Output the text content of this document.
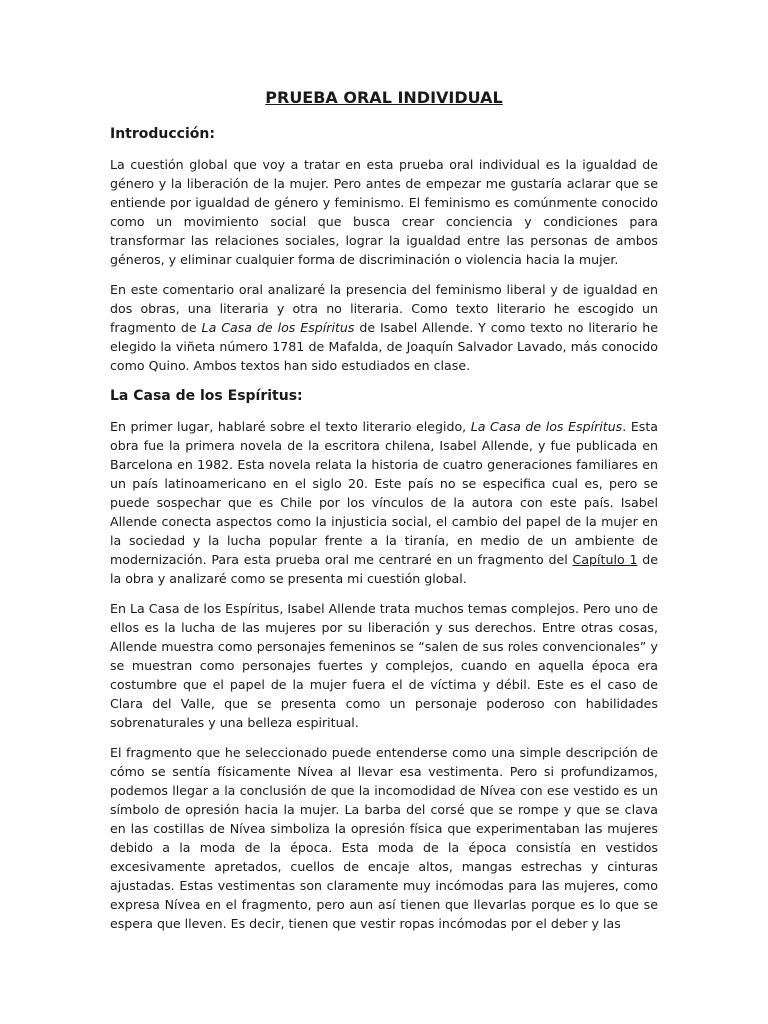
PRUEBA ORAL INDIVIDUAL
Introducción:

La cuestión global que voy a tratar en esta prueba oral individual es la igualdad de género y la liberación de la mujer. Pero antes de empezar me gustaría aclarar que se entiende por igualdad de género y feminismo. El feminismo es comúnmente conocido como un movimiento social que busca crear conciencia y condiciones para transformar las relaciones sociales, lograr la igualdad entre las personas de ambos géneros, y eliminar cualquier forma de discriminación o violencia hacia la mujer.

En este comentario oral analizaré la presencia del feminismo liberal y de igualdad en dos obras, una literaria y otra no literaria. Como texto literario he escogido un fragmento de La Casa de los Espíritus de Isabel Allende. Y como texto no literario he elegido la viñeta número 1781 de Mafalda, de Joaquín Salvador Lavado, más conocido como Quino. Ambos textos han sido estudiados en clase.

La Casa de los Espíritus:

En primer lugar, hablaré sobre el texto literario elegido, La Casa de los Espíritus. Esta obra fue la primera novela de la escritora chilena, Isabel Allende, y fue publicada en Barcelona en 1982. Esta novela relata la historia de cuatro generaciones familiares en un país latinoamericano en el siglo 20. Este país no se especifica cual es, pero se puede sospechar que es Chile por los vínculos de la autora con este país. Isabel Allende conecta aspectos como la injusticia social, el cambio del papel de la mujer en la sociedad y la lucha popular frente a la tiranía, en medio de un ambiente de modernización. Para esta prueba oral me centraré en un fragmento del Capítulo 1 de la obra y analizaré como se presenta mi cuestión global.

En La Casa de los Espíritus, Isabel Allende trata muchos temas complejos. Pero uno de ellos es la lucha de las mujeres por su liberación y sus derechos. Entre otras cosas, Allende muestra como personajes femeninos se “salen de sus roles convencionales” y se muestran como personajes fuertes y complejos, cuando en aquella época era costumbre que el papel de la mujer fuera el de víctima y débil. Este es el caso de Clara del Valle, que se presenta como un personaje poderoso con habilidades sobrenaturales y una belleza espiritual.

El fragmento que he seleccionado puede entenderse como una simple descripción de cómo se sentía físicamente Nívea al llevar esa vestimenta. Pero si profundizamos, podemos llegar a la conclusión de que la incomodidad de Nívea con ese vestido es un símbolo de opresión hacia la mujer. La barba del corsé que se rompe y que se clava en las costillas de Nívea simboliza la opresión física que experimentaban las mujeres debido a la moda de la época. Esta moda de la época consistía en vestidos excesivamente apretados, cuellos de encaje altos, mangas estrechas y cinturas ajustadas. Estas vestimentas son claramente muy incómodas para las mujeres, como expresa Nívea en el fragmento, pero aun así tienen que llevarlas porque es lo que se espera que lleven. Es decir, tienen que vestir ropas incómodas por el deber y las
